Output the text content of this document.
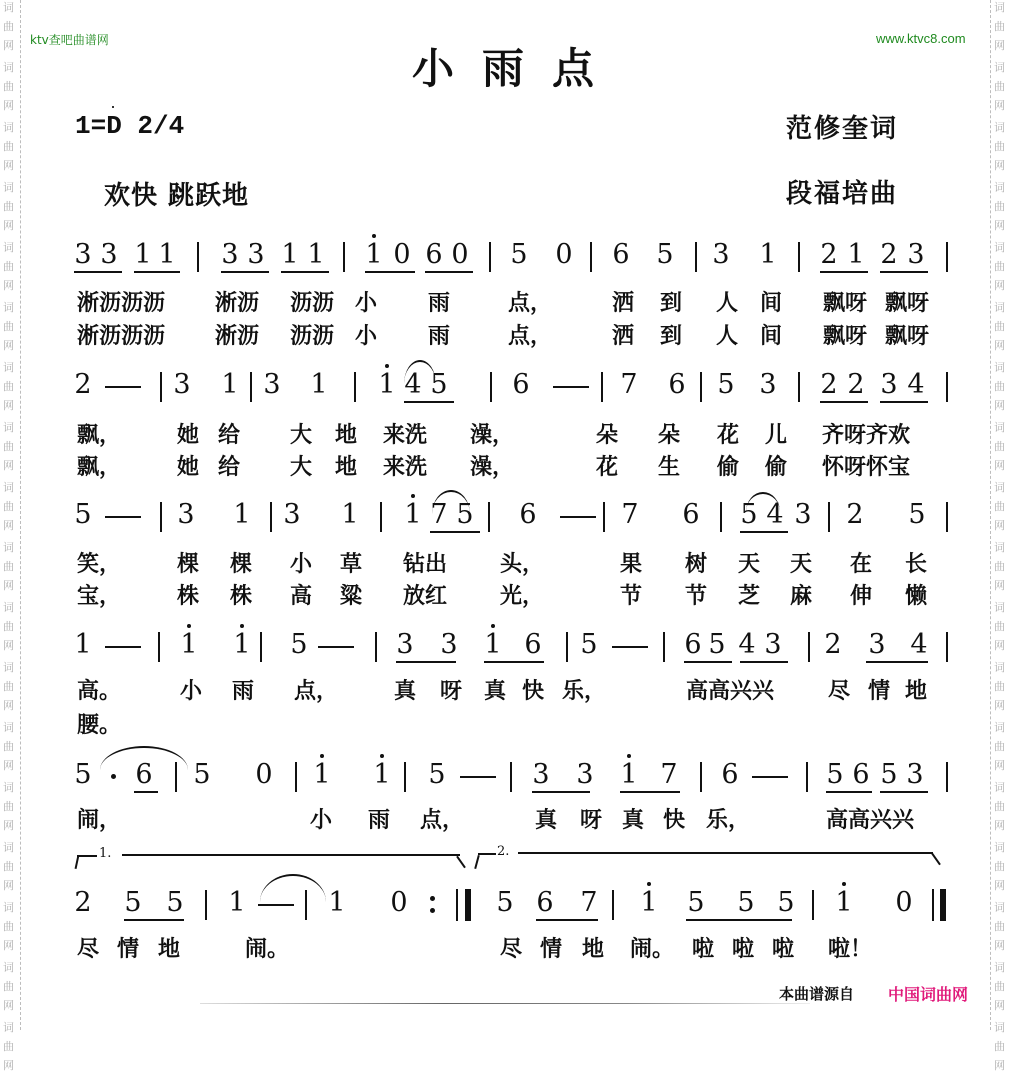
词
曲
网
词
曲
网
词
曲
网
词
曲
网
词
曲
网
词
曲
网
词
曲
网
词
曲
网
词
曲
网
词
曲
网
词
曲
网
词
曲
网
词
曲
网
词
曲
网
词
曲
网
词
曲
网
词
曲
网
词
曲
网
词
曲
网
词
曲
网
词
曲
网
词
曲
网
词
曲
网
词
曲
网
词
曲
网
词
曲
网
词
曲
网
词
曲
网
词
曲
网
词
曲
网
词
曲
网
词
曲
网
词
曲
网
词
曲
网
词
曲
网
词
曲
网
ktv查吧曲谱网	www.ktvc8.com
小雨点
1=D 2/4
欢快 跳跃地
范修奎词
段福培曲
3 3 1 1 3 3 1 1 1 0 6 0 5 0 6 5 3 1 2 1 2 3
淅沥沥沥 淅沥 沥沥 小 雨	点，	洒 到 人 间 飘呀 飘呀
淅沥沥沥 淅沥 沥沥 小 雨	点，	洒 到 人 间 飘呀 飘呀
2	3 1 3 1 1 4 5 6	7 6 5 3 2 2 3 4
飘，	她 给 大 地 来洗 澡，	朵 朵 花 儿 齐呀齐欢
飘，	她 给 大 地 来洗 澡，	花 生 偷 偷 怀呀怀宝
5	3 1 3 1 1 7 5 6	7 6 5 4 3 2 5
笑，	棵 棵 小 草 钻出 头，	果 树 天 天 在 长
宝，	株 株 高 粱 放红 光，	节 节 芝 麻 伸 懒
1	1 1 5	3 3 1 6 5	6 5 4 3 2 3 4
高。	小 雨 点，	真 呀 真 快 乐，	高高兴兴 尽 情 地
腰。
5 6 5 0 1 1 5	3 3 1 7 6	5 6 5 3
闹，	小 雨 点，	真 呀 真 快 乐，	高高兴兴
2 5 5 1	1 0	5 6 7 1 5 5 5 1 0
尽 情 地	闹。	尽 情 地 闹。 啦 啦 啦 啦！
1.	2.
本曲谱源自 中国词曲网
